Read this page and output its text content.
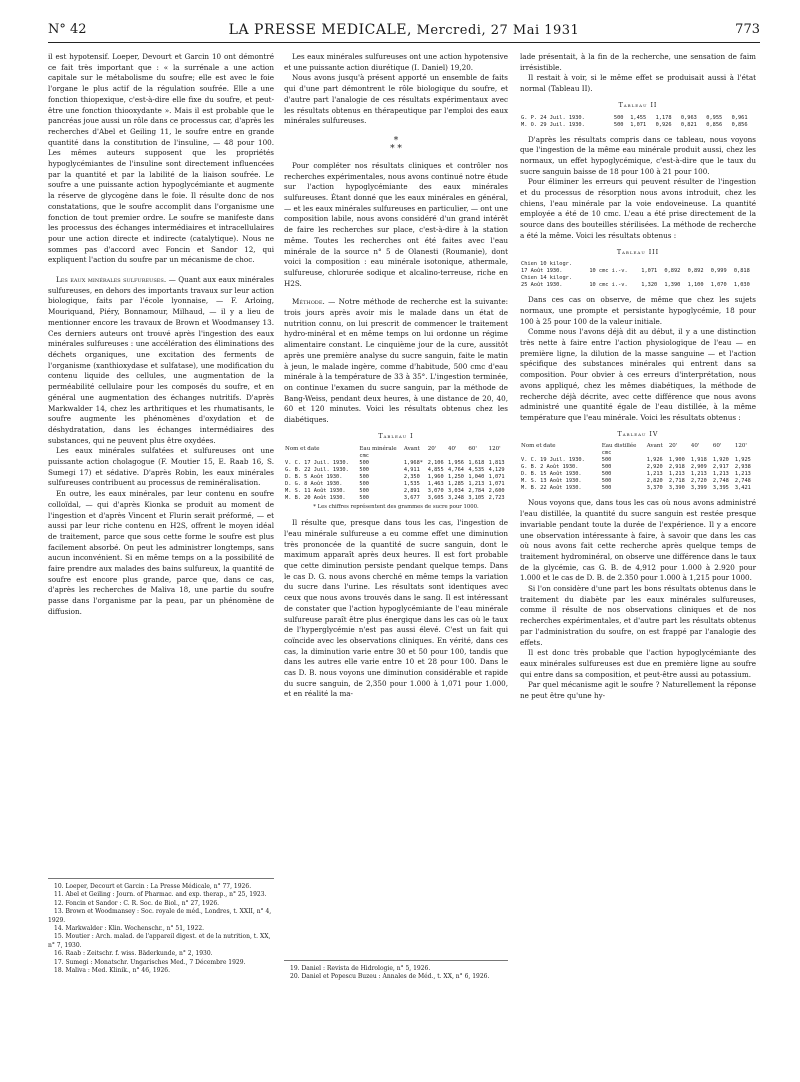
N° 42	LA PRESSE MEDICALE, Mercredi, 27 Mai 1931	773

il est hypotensif. Loeper, Devourt et Garcin 10 ont démontré ce fait très important que : « la surrénale a une action capitale sur le métabolisme du soufre; elle est avec le foie l'organe le plus actif de la régulation soufrée. Elle a une fonction thiopexique, c'est-à-dire elle fixe du soufre, et peut-être une fonction thiooxydante ». Mais il est probable que le pancréas joue aussi un rôle dans ce processus car, d'après les recherches d'Abel et Geiling 11, le soufre entre en grande quantité dans la constitution de l'insuline, — 48 pour 100. Les mêmes auteurs supposent que les propriétés hypoglycémiantes de l'insuline sont directement influencées par la quantité et par la labilité de la liaison soufrée. Le soufre a une puissante action hypoglycémiante et augmente la réserve de glycogène dans le foie. Il résulte donc de nos constatations, que le soufre accomplit dans l'organisme une fonction de tout premier ordre. Le soufre se manifeste dans les processus des échanges intermédiaires et intracellulaires pour une action directe et indirecte (catalytique). Nous ne sommes pas d'accord avec Foncin et Sandor 12, qui expliquent l'action du soufre par un mécanisme de choc.

Les eaux minérales sulfureuses. — Quant aux eaux minérales sulfureuses, en dehors des importants travaux sur leur action biologique, faits par l'école lyonnaise, — F. Arloing, Mouriquand, Piéry, Bonnamour, Milhaud, — il y a lieu de mentionner encore les travaux de Brown et Woodmansey 13. Ces derniers auteurs ont trouvé après l'ingestion des eaux minérales sulfureuses : une accélération des éliminations des déchets organiques, une excitation des ferments de l'organisme (xanthioxydase et sulfatase), une modification du contenu liquide des cellules, une augmentation de la perméabilité cellulaire pour les composés du soufre, et en général une augmentation des échanges nutritifs. D'après Markwalder 14, chez les arthritiques et les rhumatisants, le soufre augmente les phénomènes d'oxydation et de déshydratation, dans les échanges intermédiaires des substances, qui ne peuvent plus être oxydées.

Les eaux minérales sulfatées et sulfureuses ont une puissante action cholagogue (F. Moutier 15, E. Raab 16, S. Sumegi 17) et sédative. D'après Robin, les eaux minérales sulfureuses contribuent au processus de reminéralisation.

En outre, les eaux minérales, par leur contenu en soufre colloïdal, — qui d'après Kionka se produit au moment de l'ingestion et d'après Vincent et Flurin serait préformé, — et aussi par leur riche contenu en H2S, offrent le moyen idéal de traitement, parce que sous cette forme le soufre est plus facilement absorbé. On peut les administrer longtemps, sans aucun inconvénient. Si en même temps on a la possibilité de faire prendre aux malades des bains sulfureux, la quantité de soufre est encore plus grande, parce que, dans ce cas, d'après les recherches de Maliva 18, une partie du soufre passe dans l'organisme par la peau, par un phénomène de diffusion.

10. Loeper, Decourt et Garcin : La Presse Médicale, n° 77, 1926.
11. Abel et Geiling : Journ. of Pharmac. and exp. therap., n° 25, 1923.
12. Foncin et Sandor : C. R. Soc. de Biol., n° 27, 1926.
13. Brown et Woodmansey : Soc. royale de méd., Londres, t. XXII, n° 4, 1929.
14. Markwalder : Klin. Wochenschr., n° 51, 1922.
15. Moutier : Arch. malad. de l'appareil digest. et de la nutrition, t. XX, n° 7, 1930.
16. Raab : Zeitschr. f. wiss. Bäderkunde, n° 2, 1930.
17. Sumegi : Monatschr. Ungarisches Med., 7 Décembre 1929.
18. Maliva : Med. Klinik., n° 46, 1926.

Les eaux minérales sulfureuses ont une action hypotensive et une puissante action diurétique (I. Daniel) 19,20.

Nous avons jusqu'à présent apporté un ensemble de faits qui d'une part démontrent le rôle biologique du soufre, et d'autre part l'analogie de ces résultats expérimentaux avec les résultats obtenus en thérapeutique par l'emploi des eaux minérales sulfureuses.

*
* *

Pour compléter nos résultats cliniques et contrôler nos recherches expérimentales, nous avons continué notre étude sur l'action hypoglycémiante des eaux minérales sulfureuses. Étant donné que les eaux minérales en général, — et les eaux minérales sulfureuses en particulier, — ont une composition labile, nous avons considéré d'un grand intérêt de faire les recherches sur place, c'est-à-dire à la station même. Toutes les recherches ont été faites avec l'eau minérale de la source n° 5 de Olanesti (Roumanie), dont voici la composition : eau minérale isotonique, athermale, sulfureuse, chlorurée sodique et alcalino-terreuse, riche en H2S.

Méthode. — Notre méthode de recherche est la suivante: trois jours après avoir mis le malade dans un état de nutrition connu, on lui prescrit de commencer le traitement hydro-minéral et en même temps on lui ordonne un régime alimentaire constant. Le cinquième jour de la cure, aussitôt après une première analyse du sucre sanguin, faite le matin à jeun, le malade ingère, comme d'habitude, 500 cmc d'eau minérale à la température de 33 à 35°. L'ingestion terminée, on continue l'examen du sucre sanguin, par la méthode de Bang-Weiss, pendant deux heures, à une distance de 20, 40, 60 et 120 minutes. Voici les résultats obtenus chez les diabétiques.

Tableau I
Nom et date	Eau minérale	Avant	20'	40'	60'	120'
	cmc					
V. C. 17 Juil. 1930.	500	1,968*	2,106	1,956	1,618	1,813
G. B. 22 Juil. 1930.	500	4,911	4,855	4,764	4,535	4,129
D. B. 5 Août 1930.	500	2,350	1,960	1,250	1,040	1,071
D. G. 8 Août 1930.	500	1,535	1,463	1,285	1,213	1,071
M. S. 11 Août 1930.	500	2,891	3,070	3,034	2,784	2,600
M. B. 20 Août 1930.	500	3,677	3,605	3,248	3,105	2,723
* Les chiffres représentent des grammes de sucre pour 1000.

Il résulte que, presque dans tous les cas, l'ingestion de l'eau minérale sulfureuse a eu comme effet une diminution très prononcée de la quantité de sucre sanguin, dont le maximum apparaît après deux heures. Il est fort probable que cette diminution persiste pendant quelque temps. Dans le cas D. G. nous avons cherché en même temps la variation du sucre dans l'urine. Les résultats sont identiques avec ceux que nous avons trouvés dans le sang. Il est intéressant de constater que l'action hypoglycémiante de l'eau minérale sulfureuse paraît être plus énergique dans les cas où le taux de l'hyperglycémie n'est pas aussi élevé. C'est un fait qui coïncide avec les observations cliniques. En vérité, dans ces cas, la diminution varie entre 30 et 50 pour 100, tandis que dans les autres elle varie entre 10 et 28 pour 100. Dans le cas D. B. nous voyons une diminution considérable et rapide du sucre sanguin, de 2,350 pour 1.000 à 1,071 pour 1.000, et en réalité la ma-

19. Daniel : Revista de Hidrologie, n° 5, 1926.
20. Daniel et Popescu Buzeu : Annales de Méd., t. XX, n° 6, 1926.

lade présentait, à la fin de la recherche, une sensation de faim irrésistible.

Il restait à voir, si le même effet se produisait aussi à l'état normal (Tableau II).

Tableau II
G. P. 24 Juil. 1930.	500	1,455	1,178	0,963	0,955	0,961
M. O. 29 Juil. 1930.	500	1,071	0,926	0,821	0,856	0,856

D'après les résultats compris dans ce tableau, nous voyons que l'ingestion de la même eau minérale produit aussi, chez les normaux, un effet hypoglycémique, c'est-à-dire que le taux du sucre sanguin baisse de 18 pour 100 à 21 pour 100.

Pour éliminer les erreurs qui peuvent résulter de l'ingestion et du processus de résorption nous avons introduit, chez les chiens, l'eau minérale par la voie endoveineuse. La quantité employée a été de 10 cmc. L'eau a été prise directement de la source dans des bouteilles stérilisées. La méthode de recherche a été la même. Voici les résultats obtenus :

Tableau III
Chien 10 kilogr.						
17 Août 1930.	10 cmc i.-v.	1,071	0,892	0,892	0,999	0,818
Chien 14 kilogr.						
25 Août 1930.	10 cmc i.-v.	1,320	1,390	1,100	1,070	1,030

Dans ces cas on observe, de même que chez les sujets normaux, une prompte et persistante hypoglycémie, 18 pour 100 à 25 pour 100 de la valeur initiale.

Comme nous l'avons déjà dit au début, il y a une distinction très nette à faire entre l'action physiologique de l'eau — en première ligne, la dilution de la masse sanguine — et l'action spécifique des substances minérales qui entrent dans sa composition. Pour obvier à ces erreurs d'interprétation, nous avons appliqué, chez les mêmes diabétiques, la méthode de recherche déjà décrite, avec cette différence que nous avons administré une quantité égale de l'eau distillée, à la même température que l'eau minérale. Voici les résultats obtenus :

Tableau IV
Nom et date	Eau distillée	Avant	20'	40'	60'	120'
	cmc					
V. C. 19 Juil. 1930.	500	1,926	1,900	1,918	1,920	1,925
G. B. 2 Août 1930.	500	2,920	2,918	2,909	2,917	2,938
D. B. 15 Août 1930.	500	1,213	1,213	1,213	1,213	1,213
M. S. 13 Août 1930.	500	2,820	2,718	2,720	2,748	2,748
M. B. 22 Août 1930.	500	3,370	3,390	3,399	3,395	3,421

Nous voyons que, dans tous les cas où nous avons administré l'eau distillée, la quantité du sucre sanguin est restée presque invariable pendant toute la durée de l'expérience. Il y a encore une observation intéressante à faire, à savoir que dans les cas où nous avons fait cette recherche après quelque temps de traitement hydrominéral, on observe une différence dans le taux de la glycémie, cas G. B. de 4,912 pour 1.000 à 2.920 pour 1.000 et le cas de D. B. de 2.350 pour 1.000 à 1,215 pour 1000.

Si l'on considère d'une part les bons résultats obtenus dans le traitement du diabète par les eaux minérales sulfureuses, comme il résulte de nos observations cliniques et de nos recherches expérimentales, et d'autre part les résultats obtenus par l'administration du soufre, on est frappé par l'analogie des effets.

Il est donc très probable que l'action hypoglycémiante des eaux minérales sulfureuses est due en première ligne au soufre qui entre dans sa composition, et peut-être aussi au potassium.

Par quel mécanisme agit le soufre ? Naturellement la réponse ne peut être qu'une hy-
